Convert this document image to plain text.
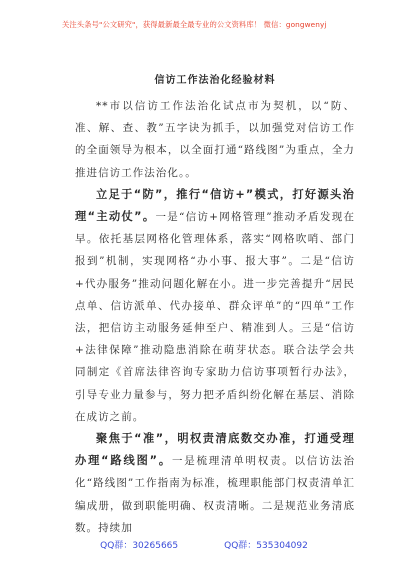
关注头条号"公文研究"，获得最新最全最专业的公文资料库！ 微信：gongwenyj
信访工作法治化经验材料

**市以信访工作法治化试点市为契机，以“防、准、解、查、教”五字诀为抓手，以加强党对信访工作的全面领导为根本，以全面打通“路线图”为重点，全力推进信访工作法治化。。

立足于“防”，推行“信访+”模式，打好源头治理“主动仗”。一是“信访+网格管理”推动矛盾发现在早。依托基层网格化管理体系，落实“网格吹哨、部门报到”机制，实现网格“办小事、报大事”。二是“信访+代办服务”推动问题化解在小。进一步完善提升“居民点单、信访派单、代办接单、群众评单”的“四单”工作法，把信访主动服务延伸至户、精准到人。三是“信访+法律保障”推动隐患消除在萌芽状态。联合法学会共同制定《首席法律咨询专家助力信访事项暂行办法》，引导专业力量参与，努力把矛盾纠纷化解在基层、消除在成访之前。

聚焦于“准”，明权责清底数交办准，打通受理办理“路线图”。一是梳理清单明权责。以信访法治化“路线图”工作指南为标准，梳理职能部门权责清单汇编成册，做到职能明确、权责清晰。二是规范业务清底数。持续加

QQ群：30265665	QQ群：535304092
